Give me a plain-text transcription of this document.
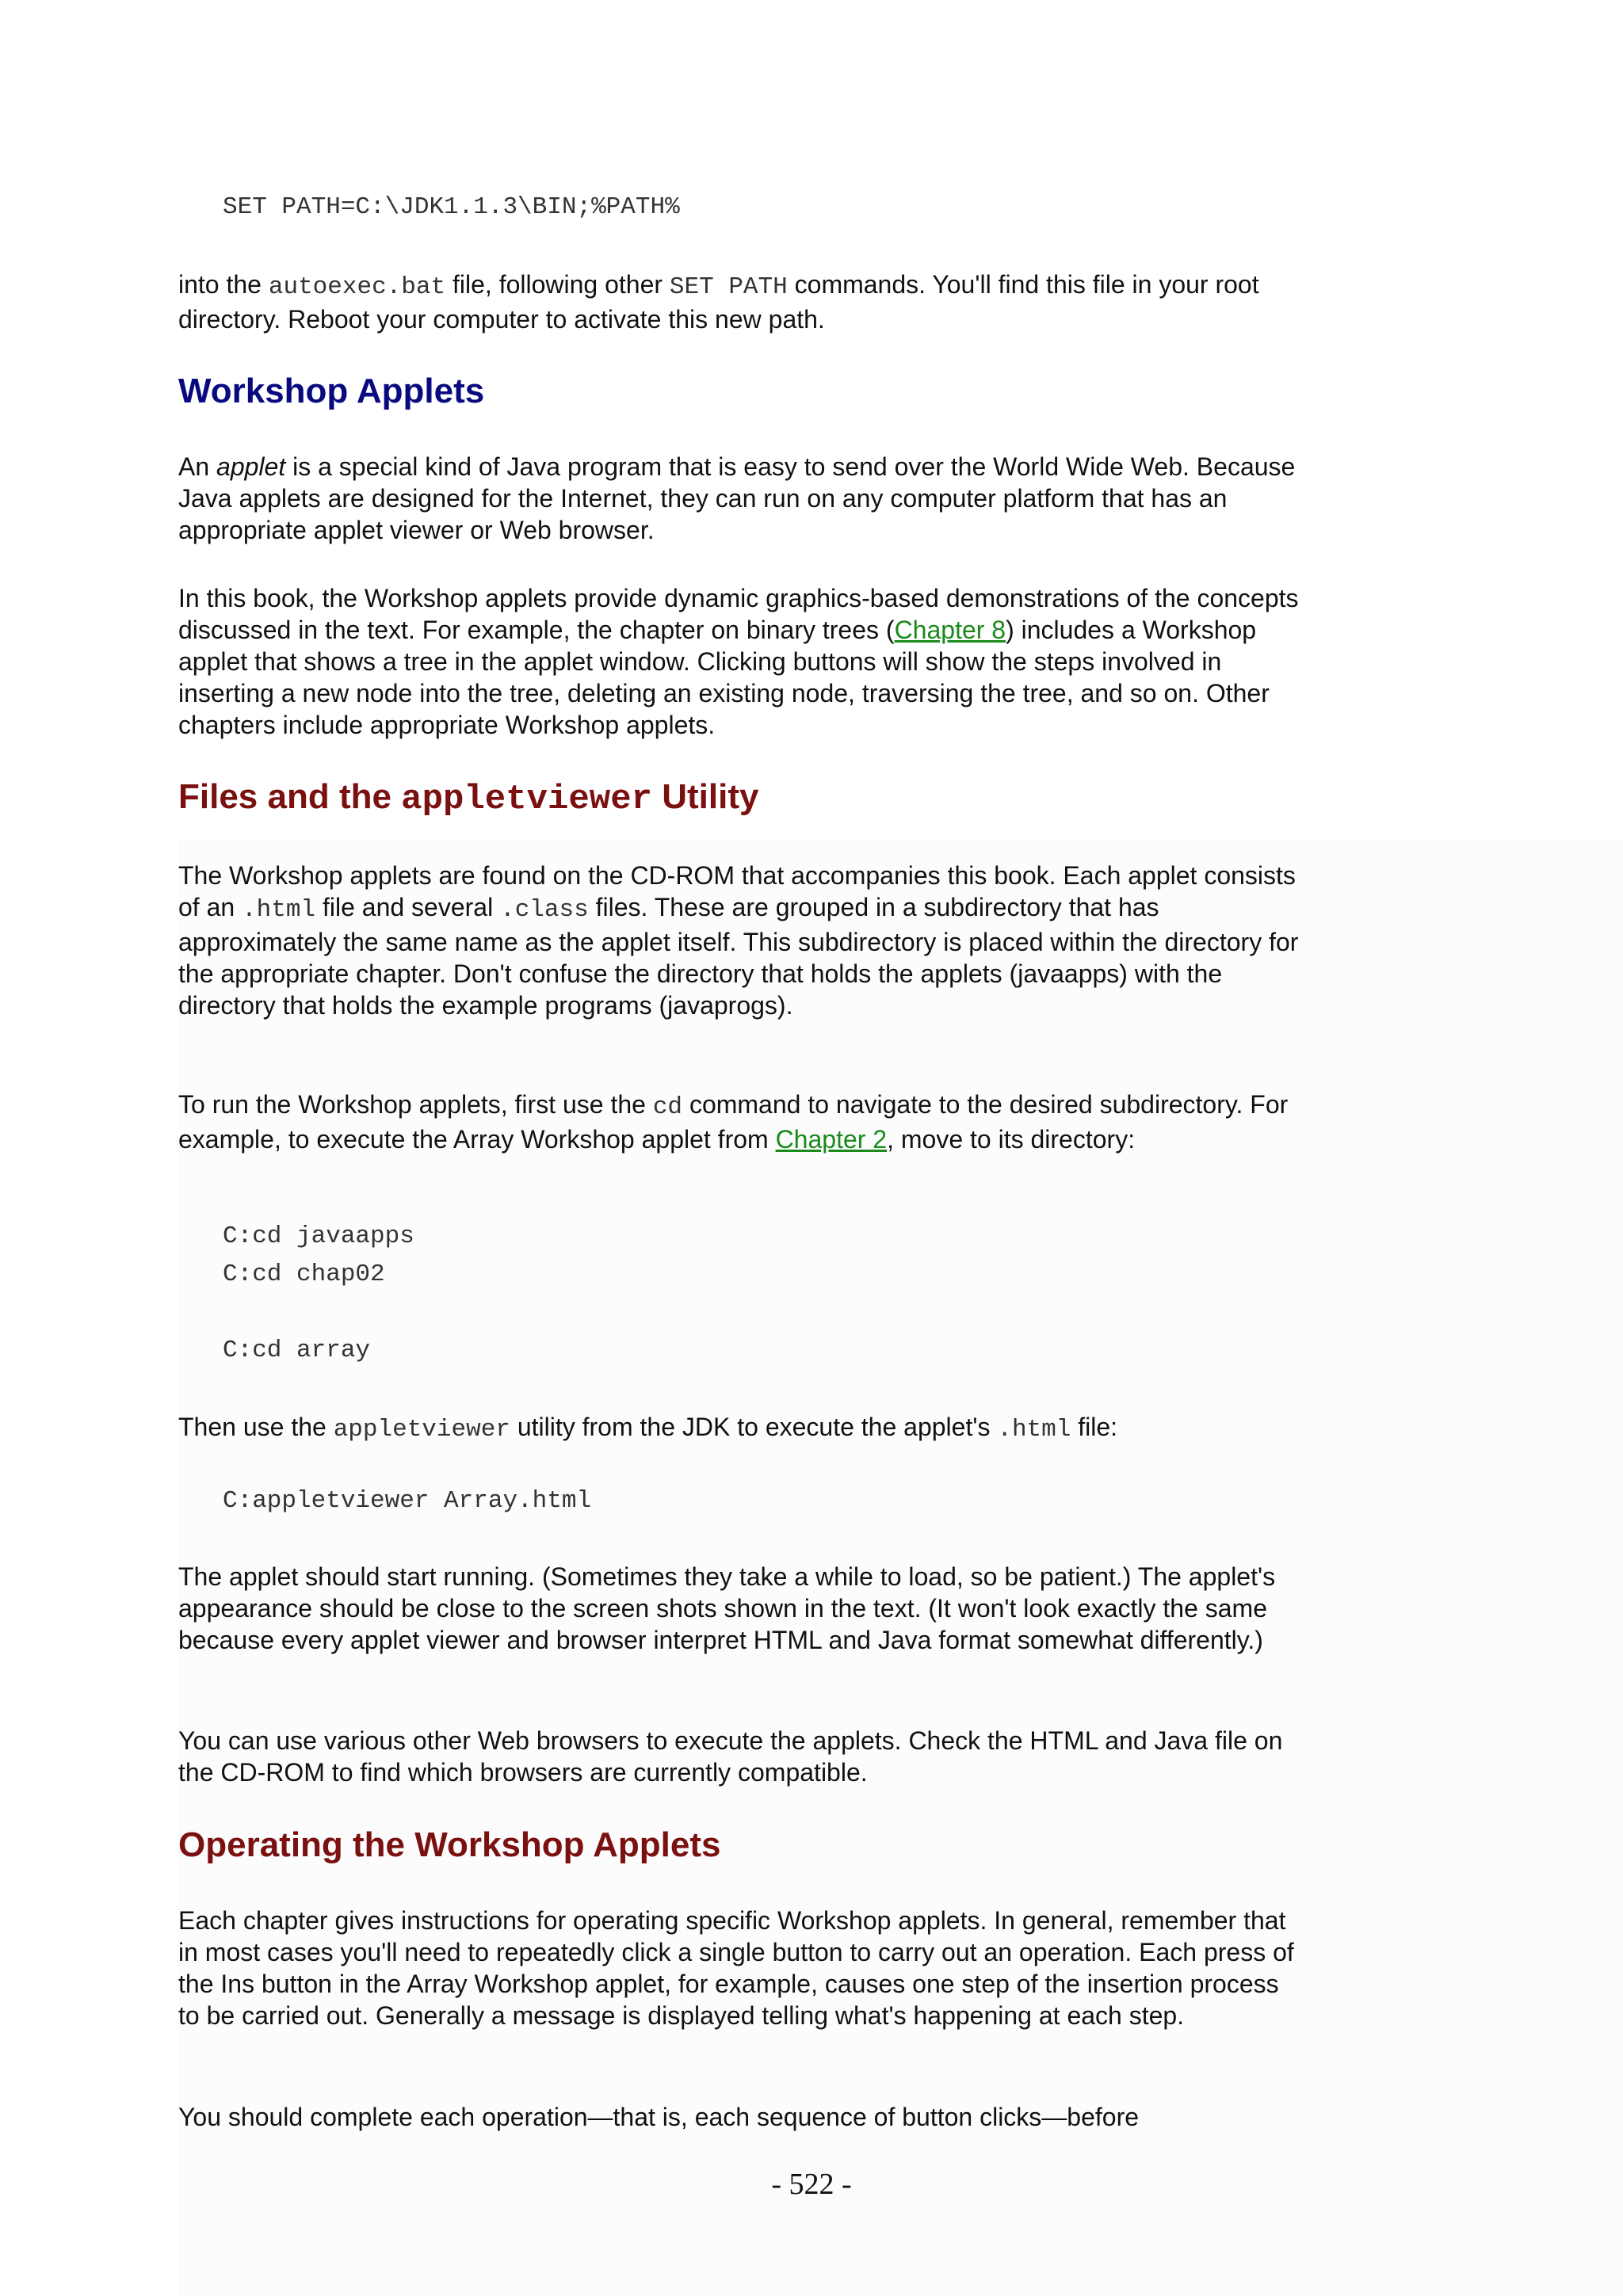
SET PATH=C:\JDK1.1.3\BIN;%PATH%

into the autoexec.bat file, following other SET PATH commands. You'll find this file in your root directory. Reboot your computer to activate this new path.

Workshop Applets

An applet is a special kind of Java program that is easy to send over the World Wide Web. Because Java applets are designed for the Internet, they can run on any computer platform that has an appropriate applet viewer or Web browser.

In this book, the Workshop applets provide dynamic graphics-based demonstrations of the concepts discussed in the text. For example, the chapter on binary trees (Chapter 8) includes a Workshop applet that shows a tree in the applet window. Clicking buttons will show the steps involved in inserting a new node into the tree, deleting an existing node, traversing the tree, and so on. Other chapters include appropriate Workshop applets.

Files and the appletviewer Utility

The Workshop applets are found on the CD-ROM that accompanies this book. Each applet consists of an .html file and several .class files. These are grouped in a subdirectory that has approximately the same name as the applet itself. This subdirectory is placed within the directory for the appropriate chapter. Don't confuse the directory that holds the applets (javaapps) with the directory that holds the example programs (javaprogs).

To run the Workshop applets, first use the cd command to navigate to the desired subdirectory. For example, to execute the Array Workshop applet from Chapter 2, move to its directory:

C:cd javaapps
C:cd chap02
C:cd array

Then use the appletviewer utility from the JDK to execute the applet's .html file:

C:appletviewer Array.html

The applet should start running. (Sometimes they take a while to load, so be patient.) The applet's appearance should be close to the screen shots shown in the text. (It won't look exactly the same because every applet viewer and browser interpret HTML and Java format somewhat differently.)

You can use various other Web browsers to execute the applets. Check the HTML and Java file on the CD-ROM to find which browsers are currently compatible.

Operating the Workshop Applets

Each chapter gives instructions for operating specific Workshop applets. In general, remember that in most cases you'll need to repeatedly click a single button to carry out an operation. Each press of the Ins button in the Array Workshop applet, for example, causes one step of the insertion process to be carried out. Generally a message is displayed telling what's happening at each step.

You should complete each operation—that is, each sequence of button clicks—before

- 522 -
